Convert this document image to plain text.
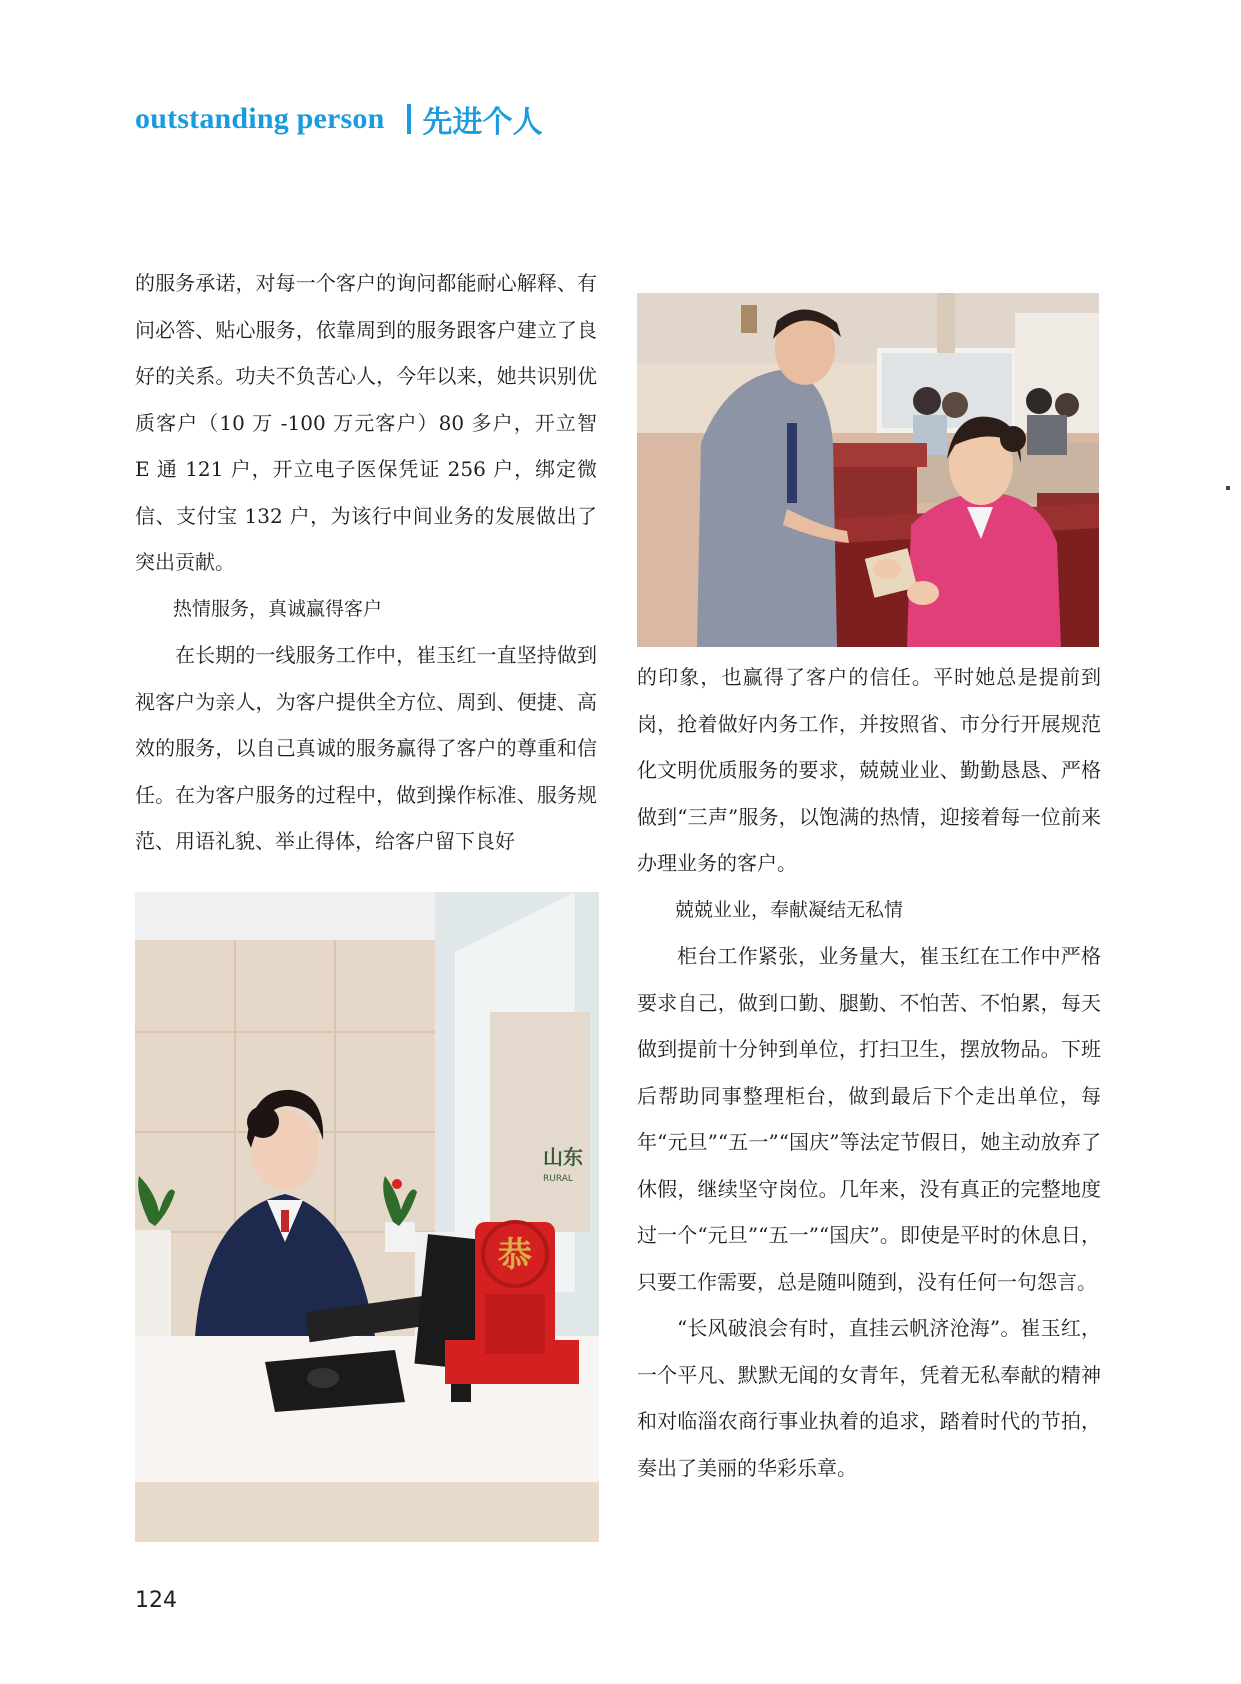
outstanding person 先进个人

的服务承诺，对每一个客户的询问都能耐心解释、有问必答、贴心服务，依靠周到的服务跟客户建立了良好的关系。功夫不负苦心人，今年以来，她共识别优质客户（10 万 -100 万元客户）80 多户，开立智 E 通 121 户，开立电子医保凭证 256 户，绑定微信、支付宝 132 户，为该行中间业务的发展做出了突出贡献。

热情服务，真诚赢得客户

在长期的一线服务工作中，崔玉红一直坚持做到视客户为亲人，为客户提供全方位、周到、便捷、高效的服务，以自己真诚的服务赢得了客户的尊重和信任。在为客户服务的过程中，做到操作标准、服务规范、用语礼貌、举止得体，给客户留下良好

的印象，也赢得了客户的信任。平时她总是提前到岗，抢着做好内务工作，并按照省、市分行开展规范化文明优质服务的要求，兢兢业业、勤勤恳恳、严格做到“三声”服务，以饱满的热情，迎接着每一位前来办理业务的客户。

兢兢业业，奉献凝结无私情

柜台工作紧张，业务量大，崔玉红在工作中严格要求自己，做到口勤、腿勤、不怕苦、不怕累，每天做到提前十分钟到单位，打扫卫生，摆放物品。下班后帮助同事整理柜台，做到最后下个走出单位，每年“元旦”“五一”“国庆”等法定节假日，她主动放弃了休假，继续坚守岗位。几年来，没有真正的完整地度过一个“元旦”“五一”“国庆”。即使是平时的休息日，只要工作需要，总是随叫随到，没有任何一句怨言。

“长风破浪会有时，直挂云帆济沧海”。崔玉红，一个平凡、默默无闻的女青年，凭着无私奉献的精神和对临淄农商行事业执着的追求，踏着时代的节拍，奏出了美丽的华彩乐章。

山东
RURAL
恭
124
